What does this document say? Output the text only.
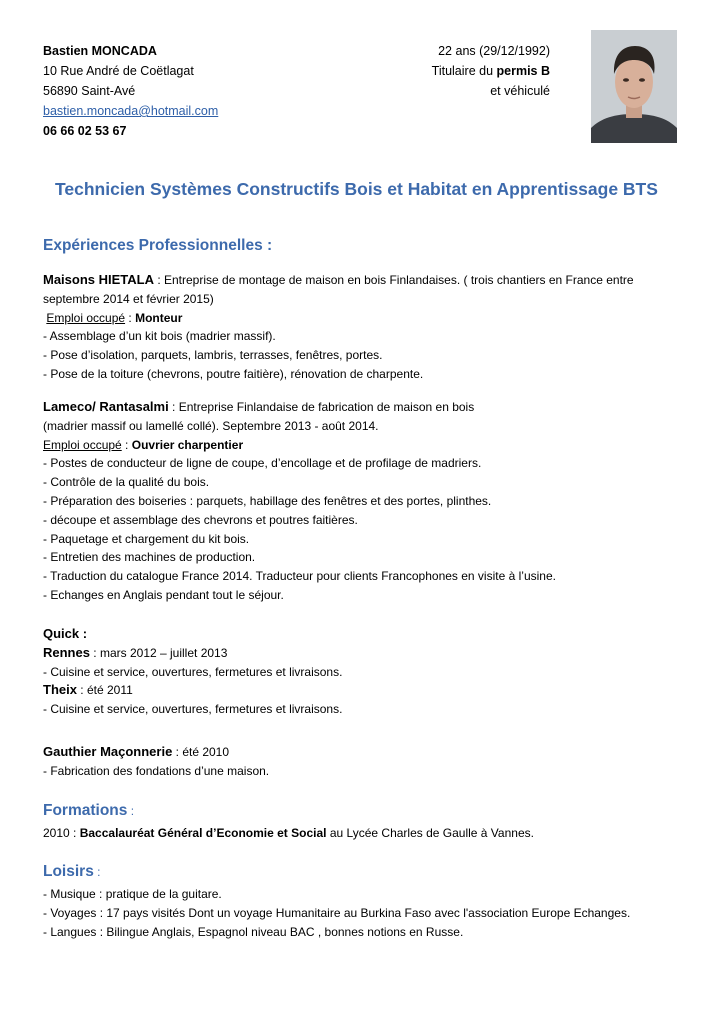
Bastien MONCADA
10 Rue André de Coëtlagat
56890 Saint-Avé
bastien.moncada@hotmail.com
06 66 02 53 67
22 ans (29/12/1992)
Titulaire du permis B
et véhiculé
Technicien Systèmes Constructifs Bois et Habitat en Apprentissage BTS
Expériences Professionnelles :
Maisons HIETALA : Entreprise de montage de maison en bois Finlandaises. ( trois chantiers en France entre
septembre 2014 et février 2015)
Emploi occupé : Monteur
- Assemblage d’un kit bois (madrier massif).
- Pose d’isolation, parquets, lambris, terrasses, fenêtres, portes.
- Pose de la toiture (chevrons, poutre faitière), rénovation de charpente.
Lameco/ Rantasalmi : Entreprise Finlandaise de fabrication de maison en bois
(madrier massif ou lamellé collé). Septembre 2013 - août 2014.
Emploi occupé : Ouvrier charpentier
- Postes de conducteur de ligne de coupe, d’encollage et de profilage de madriers.
- Contrôle de la qualité du bois.
- Préparation des boiseries : parquets, habillage des fenêtres et des portes, plinthes.
- découpe et assemblage des chevrons et poutres faitières.
- Paquetage et chargement du kit bois.
- Entretien des machines de production.
- Traduction du catalogue France 2014. Traducteur pour clients Francophones en visite à l’usine.
- Echanges en Anglais pendant tout le séjour.
Quick :
Rennes : mars 2012 – juillet 2013
- Cuisine et service, ouvertures, fermetures et livraisons.
Theix : été 2011
- Cuisine et service, ouvertures, fermetures et livraisons.
Gauthier Maçonnerie : été 2010
- Fabrication des fondations d’une maison.
Formations :
2010 : Baccalauréat Général d’Economie et Social au Lycée Charles de Gaulle à Vannes.
Loisirs :
- Musique : pratique de la guitare.
- Voyages : 17 pays visités Dont un voyage Humanitaire au Burkina Faso avec l'association Europe Echanges.
- Langues : Bilingue Anglais, Espagnol niveau BAC , bonnes notions en Russe.
